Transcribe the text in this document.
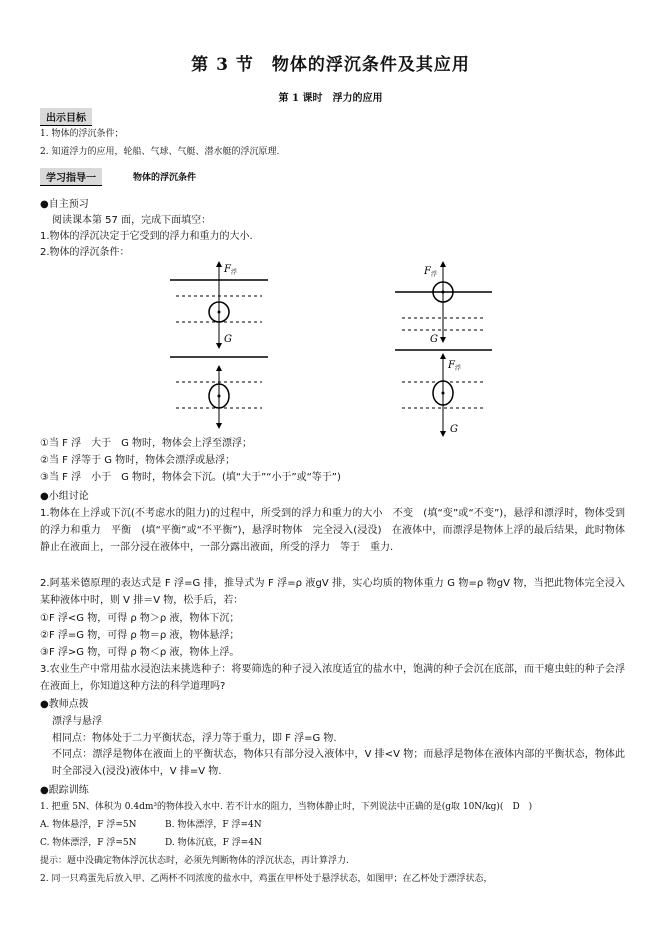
第 3 节　物体的浮沉条件及其应用
第 1 课时　浮力的应用
出示目标
1. 物体的浮沉条件；
2. 知道浮力的应用，轮船、气球、气艇、潜水艇的浮沉原理.
学习指导一	物体的浮沉条件
●自主预习
阅读课本第 57 面，完成下面填空：
1.物体的浮沉决定于它受到的浮力和重力的大小.
2.物体的浮沉条件：
F 浮
G
F 浮
G
F 浮
G
①当 F 浮　大于　G 物时，物体会上浮至漂浮；
②当 F 浮等于 G 物时，物体会漂浮或悬浮；
③当 F 浮　小于　G 物时，物体会下沉。(填“大于”“小于”或“等于”)
●小组讨论
1.物体在上浮或下沉(不考虑水的阻力)的过程中，所受到的浮力和重力的大小　不变　(填“变”或“不变”)，悬浮和漂浮时，物体受到的浮力和重力　平衡　(填“平衡”或“不平衡”)，悬浮时物体　完全浸入(浸没)　在液体中，而漂浮是物体上浮的最后结果，此时物体静止在液面上，一部分浸在液体中，一部分露出液面，所受的浮力　等于　重力.
2.阿基米德原理的表达式是 F 浮=G 排，推导式为 F 浮=ρ 液gV 排，实心均质的物体重力 G 物=ρ 物gV 物，当把此物体完全浸入某种液体中时，则 V 排＝V 物，松手后，若：
①F 浮<G 物，可得 ρ 物＞ρ 液，物体下沉；
②F 浮=G 物，可得 ρ 物＝ρ 液，物体悬浮；
③F 浮>G 物，可得 ρ 物＜ρ 液，物体上浮。
3.农业生产中常用盐水浸泡法来挑选种子：将要筛选的种子浸入浓度适宜的盐水中，饱满的种子会沉在底部，而干瘪虫蛀的种子会浮在液面上，你知道这种方法的科学道理吗?
●教师点拨
漂浮与悬浮
相同点：物体处于二力平衡状态，浮力等于重力，即 F 浮=G 物.
不同点：漂浮是物体在液面上的平衡状态，物体只有部分浸入液体中，V 排<V 物；而悬浮是物体在液体内部的平衡状态，物体此时全部浸入(浸没)液体中，V 排=V 物.
●跟踪训练
1. 把重 5N、体积为 0.4dm³的物体投入水中. 若不计水的阻力，当物体静止时，下列说法中正确的是(g取 10N/kg)(　D　)
A. 物体悬浮，F 浮=5N	B. 物体漂浮，F 浮=4N
C. 物体漂浮，F 浮=5N	D. 物体沉底，F 浮=4N
提示：题中没确定物体浮沉状态时，必须先判断物体的浮沉状态，再计算浮力.
2. 同一只鸡蛋先后放入甲、乙两杯不同浓度的盐水中，鸡蛋在甲杯处于悬浮状态，如图甲；在乙杯处于漂浮状态，
